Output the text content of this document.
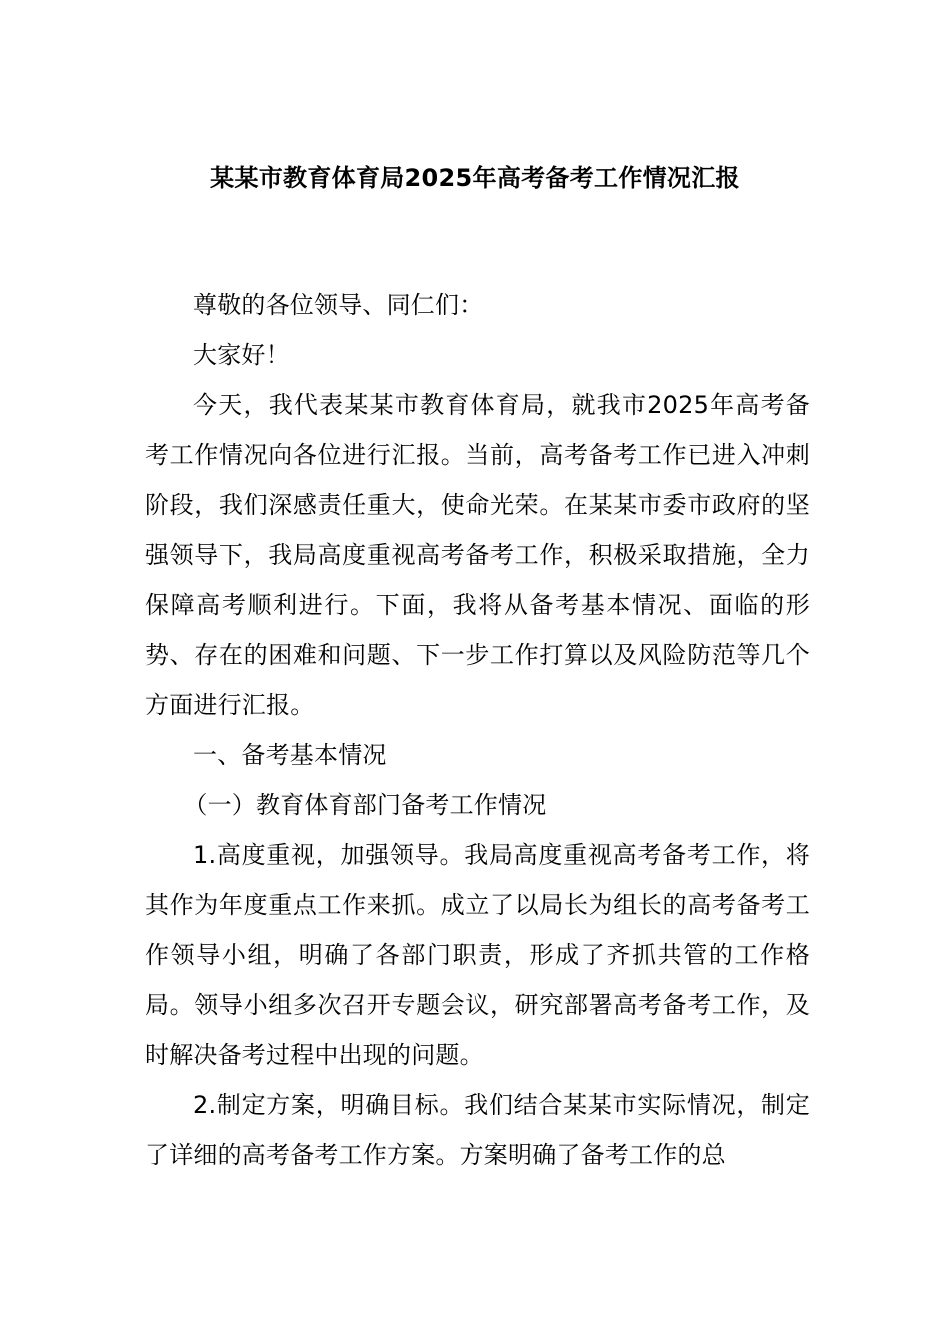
某某市教育体育局2025年高考备考工作情况汇报

尊敬的各位领导、同仁们：

大家好！

今天，我代表某某市教育体育局，就我市2025年高考备考工作情况向各位进行汇报。当前，高考备考工作已进入冲刺阶段，我们深感责任重大，使命光荣。在某某市委市政府的坚强领导下，我局高度重视高考备考工作，积极采取措施，全力保障高考顺利进行。下面，我将从备考基本情况、面临的形势、存在的困难和问题、下一步工作打算以及风险防范等几个方面进行汇报。

一、备考基本情况

（一）教育体育部门备考工作情况

1.高度重视，加强领导。我局高度重视高考备考工作，将其作为年度重点工作来抓。成立了以局长为组长的高考备考工作领导小组，明确了各部门职责，形成了齐抓共管的工作格局。领导小组多次召开专题会议，研究部署高考备考工作，及时解决备考过程中出现的问题。

2.制定方案，明确目标。我们结合某某市实际情况，制定了详细的高考备考工作方案。方案明确了备考工作的总
